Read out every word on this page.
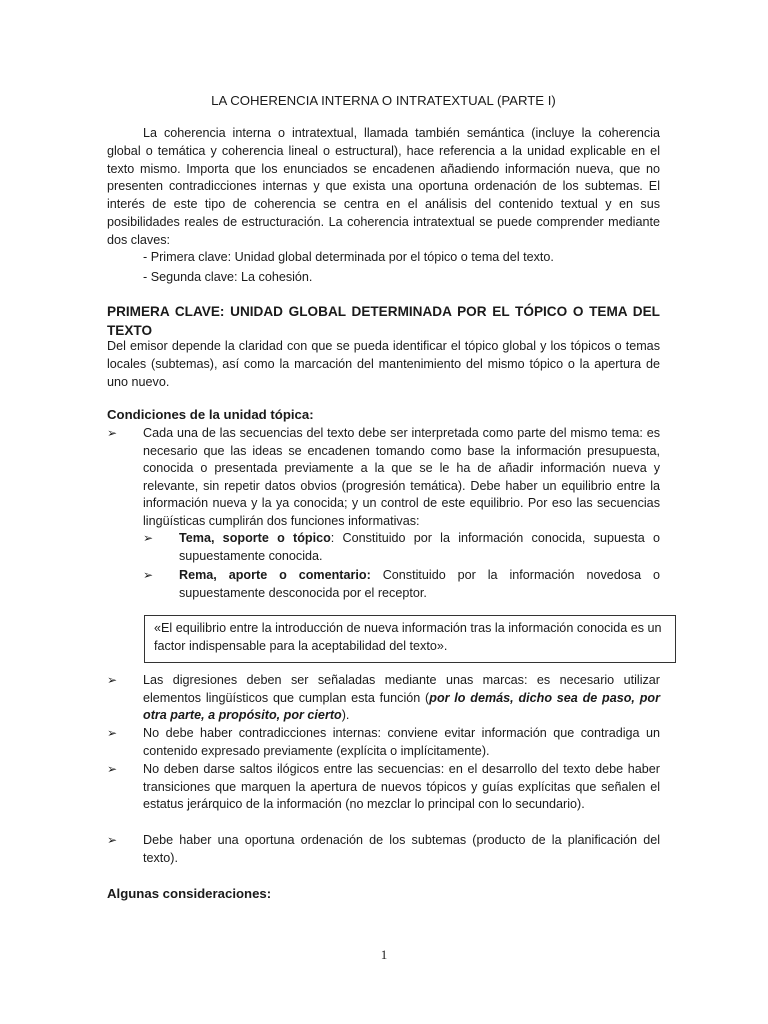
LA COHERENCIA INTERNA O INTRATEXTUAL (PARTE I)

La coherencia interna o intratextual, llamada también semántica (incluye la coherencia global o temática y coherencia lineal o estructural), hace referencia a la unidad explicable en el texto mismo. Importa que los enunciados se encadenen añadiendo información nueva, que no presenten contradicciones internas y que exista una oportuna ordenación de los subtemas. El interés de este tipo de coherencia se centra en el análisis del contenido textual y en sus posibilidades reales de estructuración. La coherencia intratextual se puede comprender mediante dos claves:

- Primera clave: Unidad global determinada por el tópico o tema del texto.
- Segunda clave: La cohesión.
PRIMERA CLAVE: UNIDAD GLOBAL DETERMINADA POR EL TÓPICO O TEMA DEL TEXTO

Del emisor depende la claridad con que se pueda identificar el tópico global y los tópicos o temas locales (subtemas), así como la marcación del mantenimiento del mismo tópico o la apertura de uno nuevo.

Condiciones de la unidad tópica:
➢ Cada una de las secuencias del texto debe ser interpretada como parte del mismo tema: es necesario que las ideas se encadenen tomando como base la información presupuesta, conocida o presentada previamente a la que se le ha de añadir información nueva y relevante, sin repetir datos obvios (progresión temática). Debe haber un equilibrio entre la información nueva y la ya conocida; y un control de este equilibrio. Por eso las secuencias lingüísticas cumplirán dos funciones informativas:
➢ Tema, soporte o tópico: Constituido por la información conocida, supuesta o supuestamente conocida.
➢ Rema, aporte o comentario: Constituido por la información novedosa o supuestamente desconocida por el receptor.
«El equilibrio entre la introducción de nueva información tras la información conocida es un factor indispensable para la aceptabilidad del texto».
➢ Las digresiones deben ser señaladas mediante unas marcas: es necesario utilizar elementos lingüísticos que cumplan esta función (por lo demás, dicho sea de paso, por otra parte, a propósito, por cierto).
➢ No debe haber contradicciones internas: conviene evitar información que contradiga un contenido expresado previamente (explícita o implícitamente).
➢ No deben darse saltos ilógicos entre las secuencias: en el desarrollo del texto debe haber transiciones que marquen la apertura de nuevos tópicos y guías explícitas que señalen el estatus jerárquico de la información (no mezclar lo principal con lo secundario).
➢ Debe haber una oportuna ordenación de los subtemas (producto de la planificación del texto).
Algunas consideraciones:
1
